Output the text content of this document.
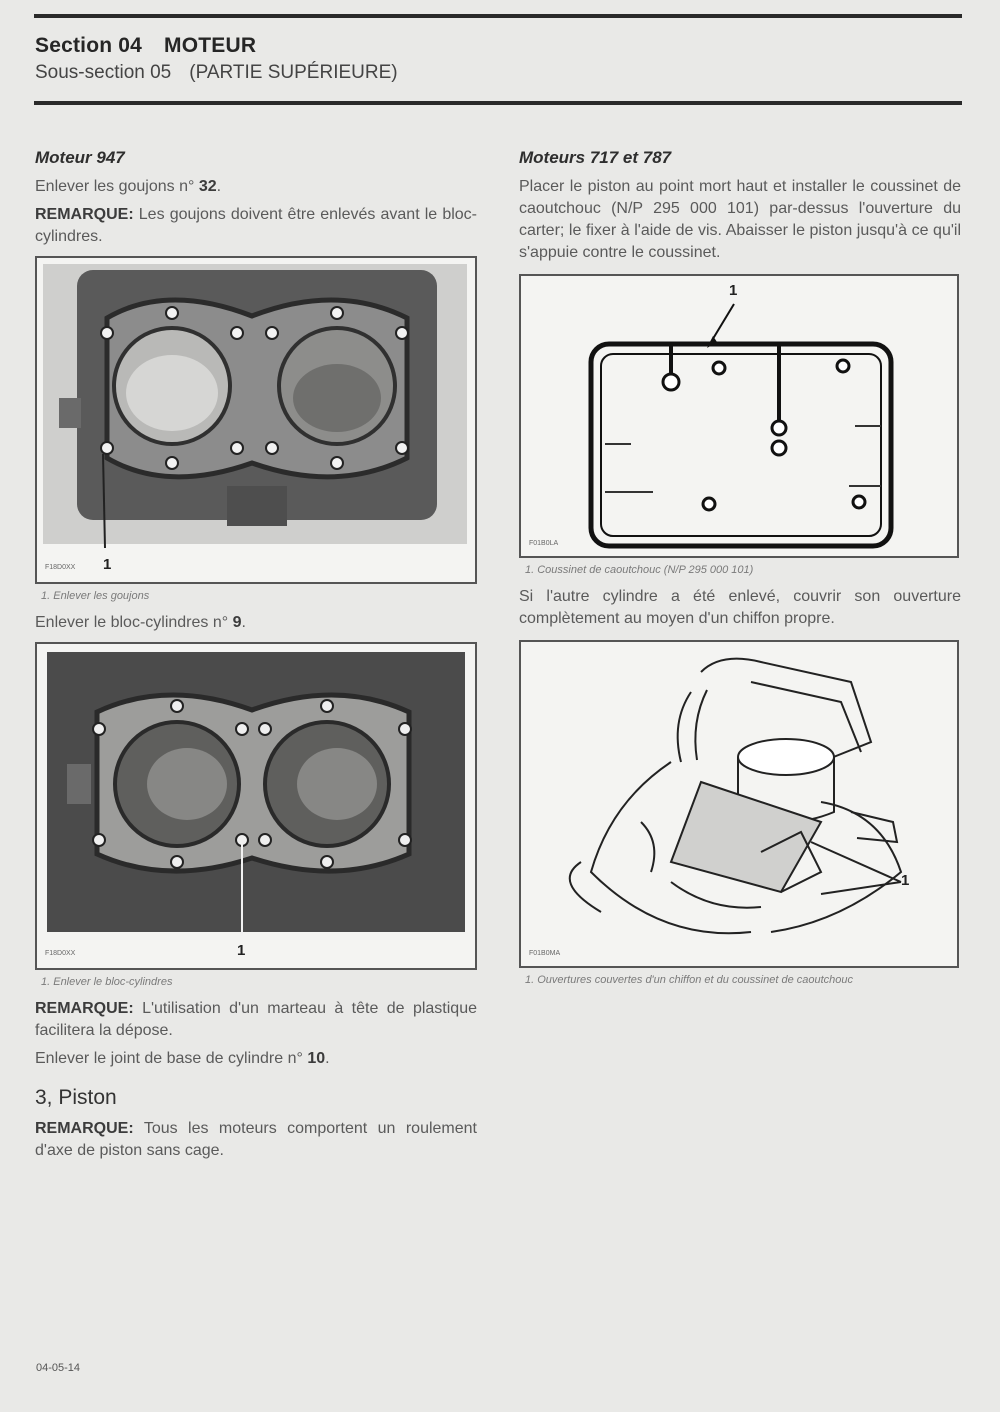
Section 04 MOTEUR
Sous-section 05 (PARTIE SUPÉRIEURE)
Moteur 947

Enlever les goujons n° 32.

REMARQUE: Les goujons doivent être enlevés avant le bloc-cylindres.

F18D0XX 1
1. Enlever les goujons

Enlever le bloc-cylindres n° 9.

F18D0XX	1
1. Enlever le bloc-cylindres

REMARQUE: L'utilisation d'un marteau à tête de plastique facilitera la dépose.

Enlever le joint de base de cylindre n° 10.

3, Piston

REMARQUE: Tous les moteurs comportent un roulement d'axe de piston sans cage.

Moteurs 717 et 787

Placer le piston au point mort haut et installer le coussinet de caoutchouc (N/P 295 000 101) par-dessus l'ouverture du carter; le fixer à l'aide de vis. Abaisser le piston jusqu'à ce qu'il s'appuie contre le coussinet.

F01B0LA
1
1. Coussinet de caoutchouc (N/P 295 000 101)

Si l'autre cylindre a été enlevé, couvrir son ouverture complètement au moyen d'un chiffon propre.

F01B0MA
1
1. Ouvertures couvertes d'un chiffon et du coussinet de caoutchouc
04-05-14
